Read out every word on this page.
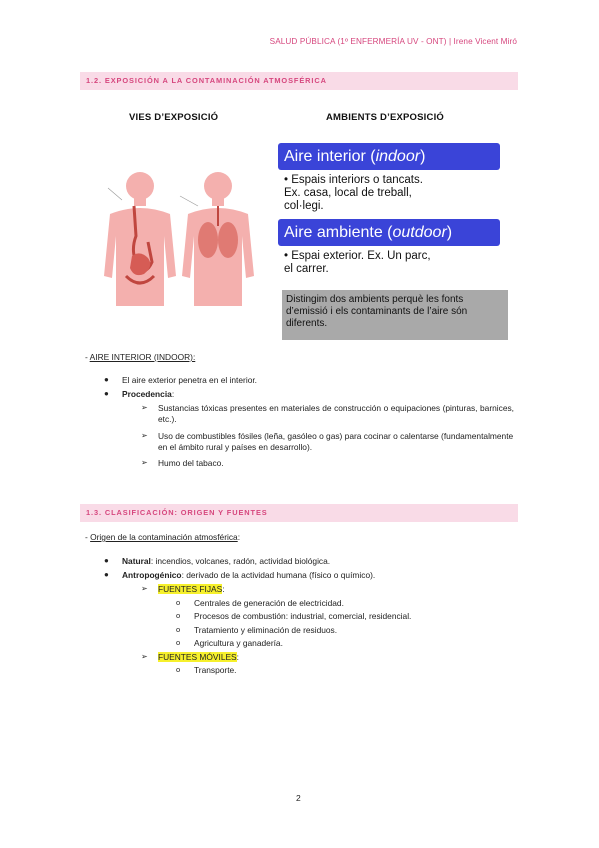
SALUD PÚBLICA (1º ENFERMERÍA UV - ONT) | Irene Vicent Miró
1.2. EXPOSICIÓN A LA CONTAMINACIÓN ATMOSFÉRICA
VIES D’EXPOSICIÓ	AMBIENTS D’EXPOSICIÓ
Aire interior (indoor)
• Espais interiors o tancats.
Ex. casa, local de treball,
col·legi.
Aire ambiente (outdoor)
• Espai exterior. Ex. Un parc,
el carrer.
Distingim dos ambients perquè les fonts d’emissió i els contaminants de l’aire són diferents.
- AIRE INTERIOR (INDOOR):
● El aire exterior penetra en el interior.
● Procedencia:
➢ Sustancias tóxicas presentes en materiales de construcción o equipaciones (pinturas, barnices, etc.).
➢ Uso de combustibles fósiles (leña, gasóleo o gas) para cocinar o calentarse (fundamentalmente en el ámbito rural y países en desarrollo).
➢ Humo del tabaco.
1.3. CLASIFICACIÓN: ORIGEN Y FUENTES
- Origen de la contaminación atmosférica:
● Natural: incendios, volcanes, radón, actividad biológica.
● Antropogénico: derivado de la actividad humana (físico o químico).
➢ FUENTES FIJAS:
o Centrales de generación de electricidad.
o Procesos de combustión: industrial, comercial, residencial.
o Tratamiento y eliminación de residuos.
o Agricultura y ganadería.
➢ FUENTES MÓVILES:
o Transporte.
2
